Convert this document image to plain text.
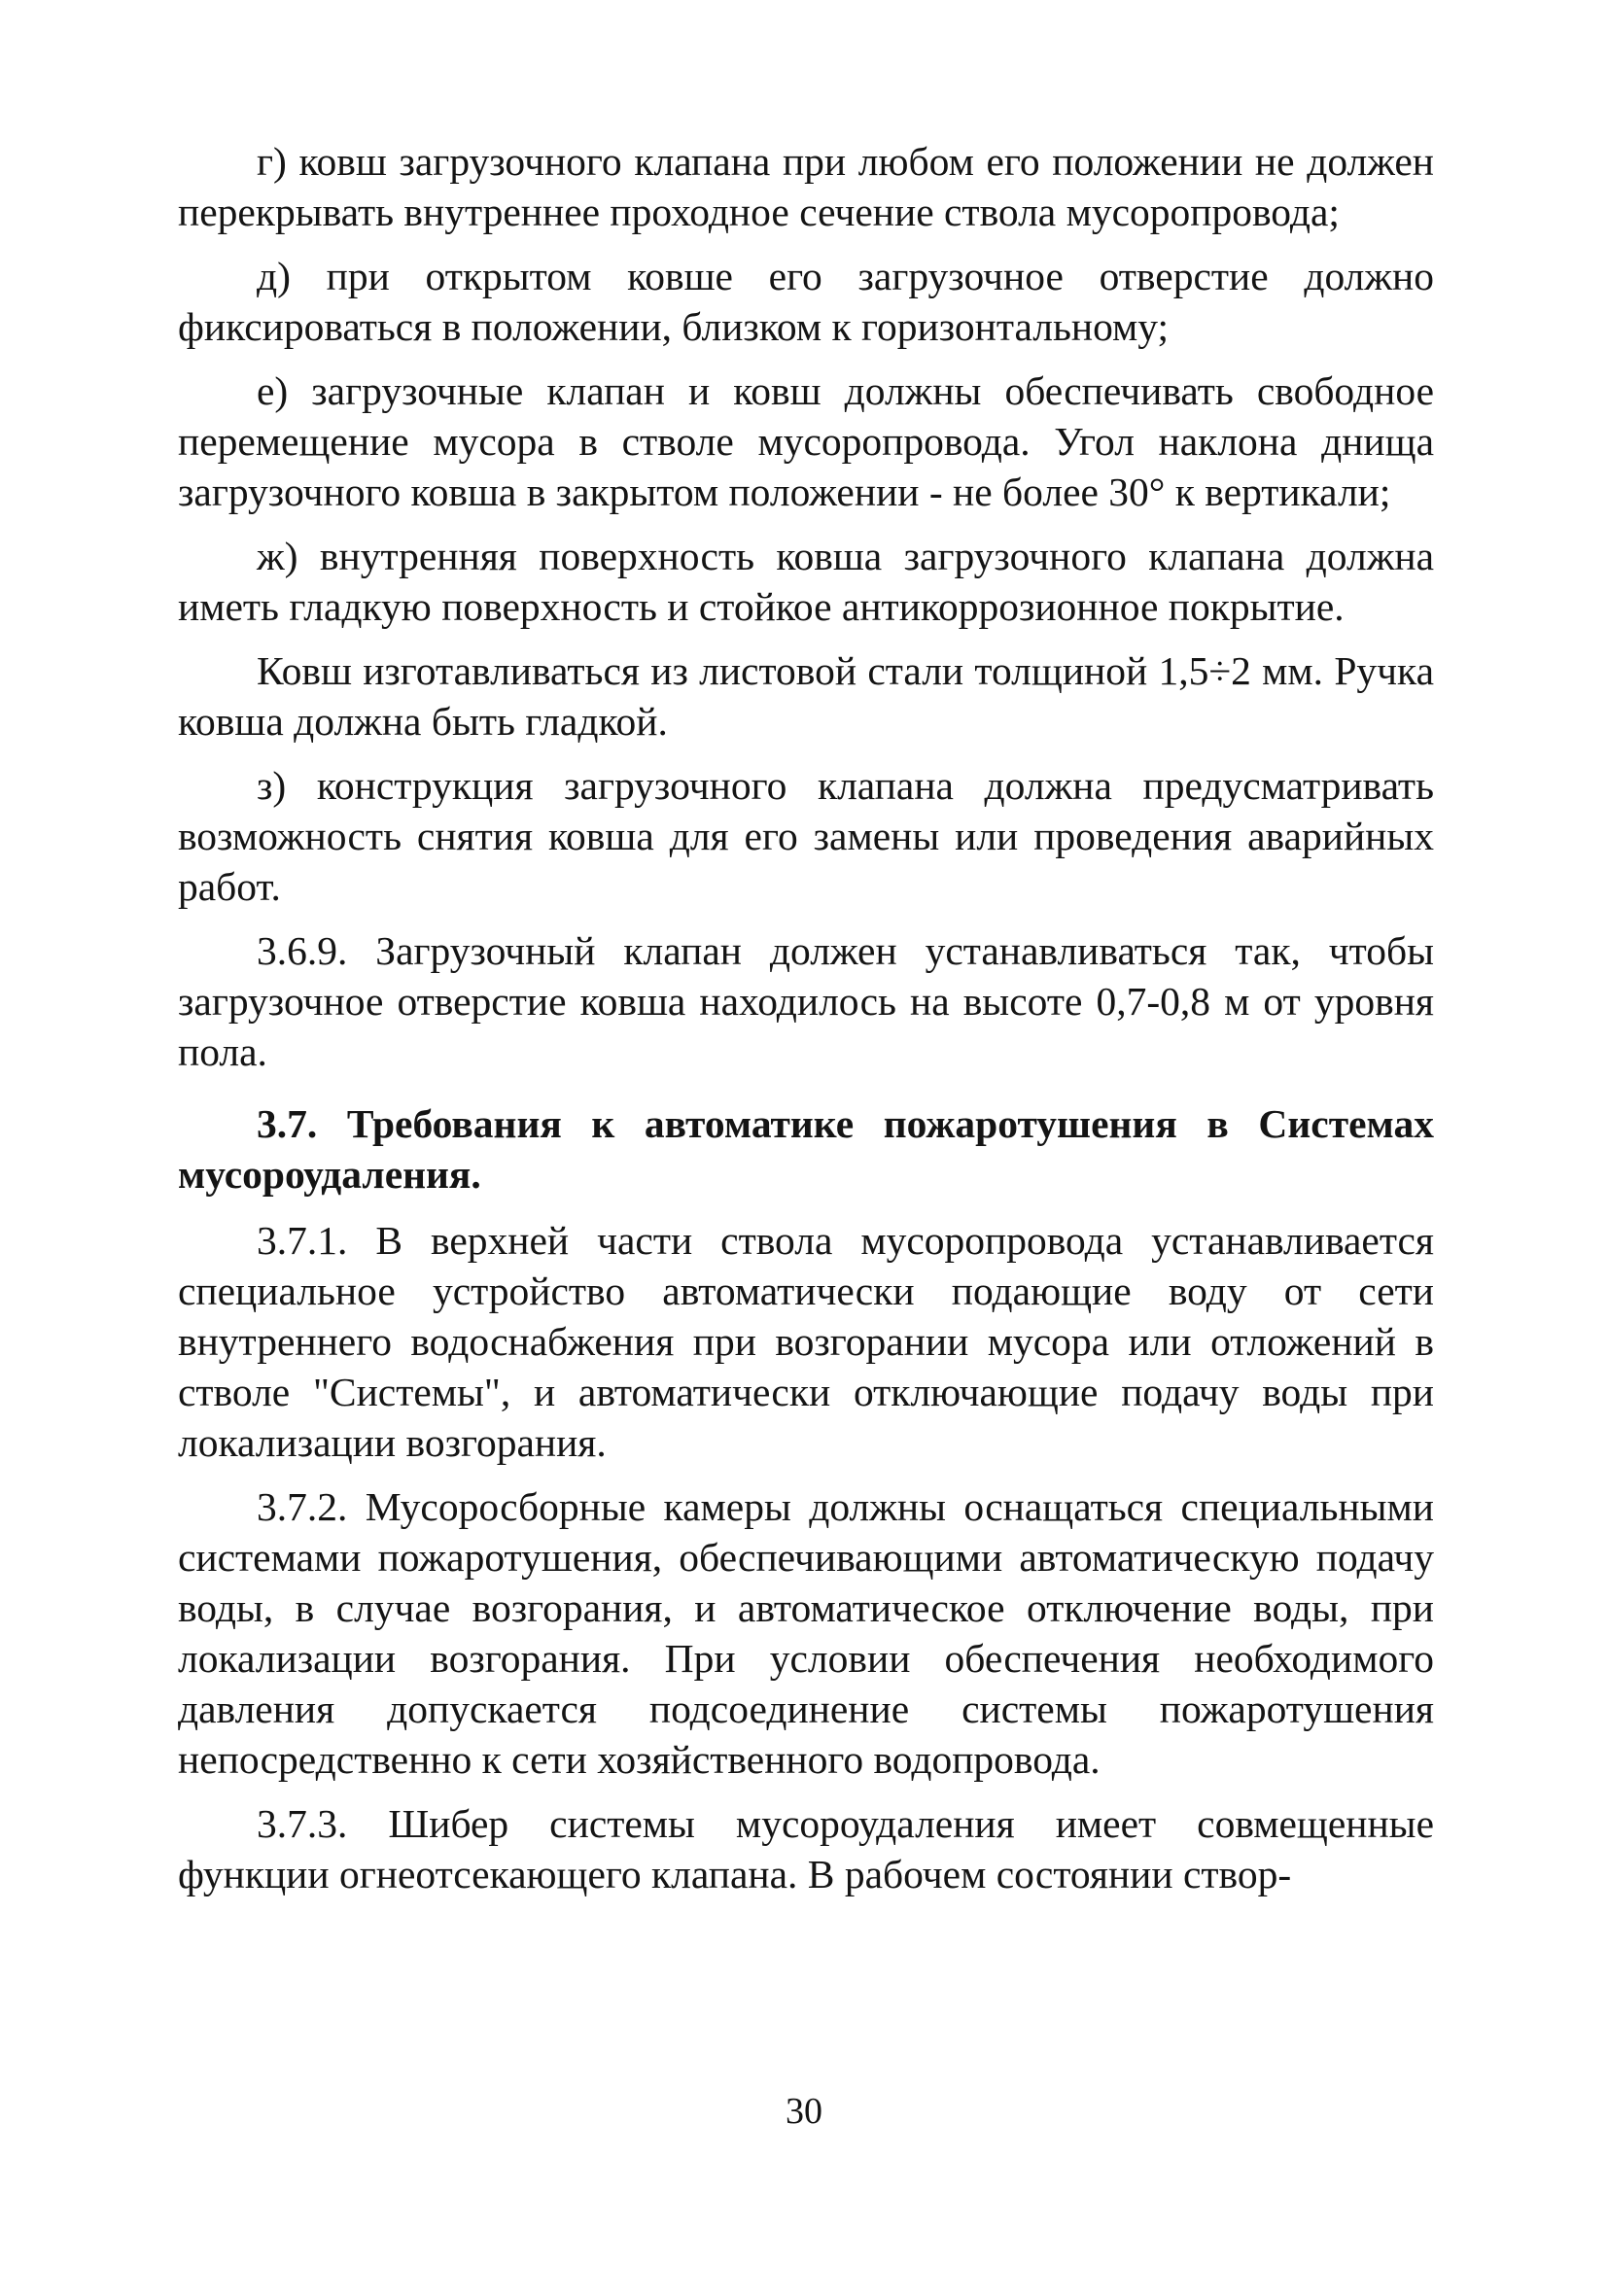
г) ковш загрузочного клапана при любом его положении не должен перекрывать внутреннее проходное сечение ствола мусоропровода;

д) при открытом ковше его загрузочное отверстие должно фиксироваться в положении, близком к горизонтальному;

е) загрузочные клапан и ковш должны обеспечивать свободное перемещение мусора в стволе мусоропровода. Угол наклона днища загрузочного ковша в закрытом положении - не более 30° к вертикали;

ж) внутренняя поверхность ковша загрузочного клапана должна иметь гладкую поверхность и стойкое антикоррозионное покрытие.

Ковш изготавливаться из листовой стали толщиной 1,5÷2 мм. Ручка ковша должна быть гладкой.

з) конструкция загрузочного клапана должна предусматривать возможность снятия ковша для его замены или проведения аварийных работ.

3.6.9. Загрузочный клапан должен устанавливаться так, чтобы загрузочное отверстие ковша находилось на высоте 0,7-0,8 м от уровня пола.

3.7. Требования к автоматике пожаротушения в Системах мусороудаления.

3.7.1. В верхней части ствола мусоропровода устанавливается специальное устройство автоматически подающие воду от сети внутреннего водоснабжения при возгорании мусора или отложений в стволе "Системы", и автоматически отключающие подачу воды при локализации возгорания.

3.7.2. Мусоросборные камеры должны оснащаться специальными системами пожаротушения, обеспечивающими автоматическую подачу воды, в случае возгорания, и автоматическое отключение воды, при локализации возгорания. При условии обеспечения необходимого давления допускается подсоединение системы пожаротушения непосредственно к сети хозяйственного водопровода.

3.7.3. Шибер системы мусороудаления имеет совмещенные функции огнеотсекающего клапана. В рабочем состоянии створ-

30
